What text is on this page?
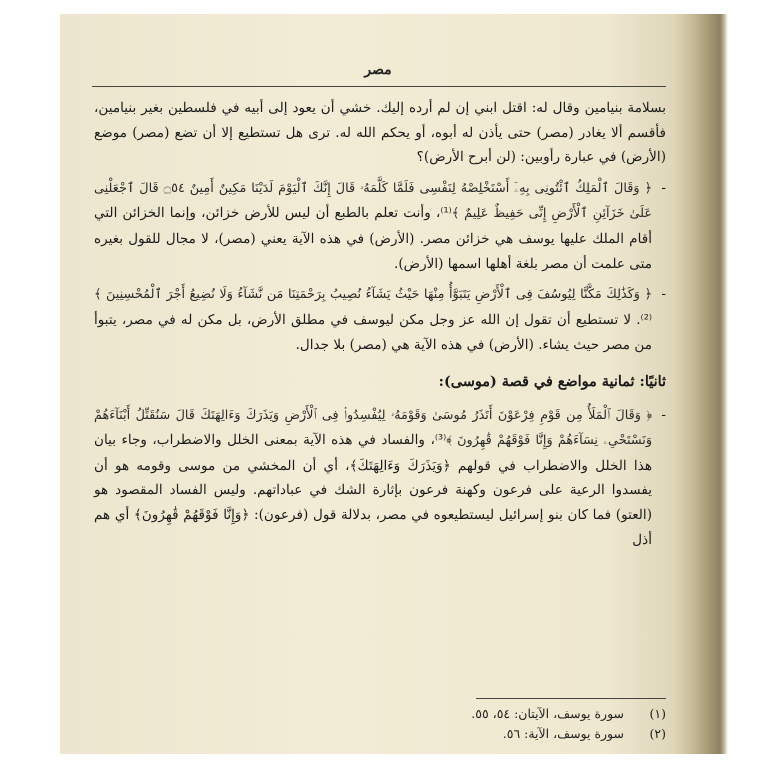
مصر

بسلامة بنيامين وقال له: اقتل ابني إن لم أرده إليك. خشي أن يعود إلى أبيه في فلسطين بغير بنيامين، فأقسم ألا يغادر (مصر) حتى يأذن له أبوه، أو يحكم الله له. ترى هل تستطيع إلا أن تضع (مصر) موضع (الأرض) في عبارة رأوبين: (لن أبرح الأرض)؟

-
﴿ وَقَالَ ٱلْمَلِكُ ٱئْتُونِى بِهِۦٓ أَسْتَخْلِصْهُ لِنَفْسِى فَلَمَّا كَلَّمَهُۥ قَالَ إِنَّكَ ٱلْيَوْمَ لَدَيْنَا مَكِينٌ أَمِينٌ ۝٥٤ قَالَ ٱجْعَلْنِى عَلَىٰ خَزَآئِنِ ٱلْأَرْضِ إِنِّى حَفِيظٌ عَلِيمٌ ﴾⁽¹⁾، وأنت تعلم بالطبع أن ليس للأرض خزائن، وإنما الخزائن التي أقام الملك عليها يوسف هي خزائن مصر. (الأرض) في هذه الآية يعني (مصر)، لا مجال للقول بغيره متى علمت أن مصر بلغة أهلها اسمها (الأرض).

-
﴿ وَكَذَٰلِكَ مَكَّنَّا لِيُوسُفَ فِى ٱلْأَرْضِ يَتَبَوَّأُ مِنْهَا حَيْثُ يَشَآءُ نُصِيبُ بِرَحْمَتِنَا مَن نَّشَآءُ وَلَا نُضِيعُ أَجْرَ ٱلْمُحْسِنِينَ ﴾⁽²⁾. لا تستطيع أن تقول إن الله عز وجل مكن ليوسف في مطلق الأرض، بل مكن له في مصر، يتبوأ من مصر حيث يشاء. (الأرض) في هذه الآية هي (مصر) بلا جدال.

ثانيًا: ثمانية مواضع في قصة (موسى):

-
﴿ وَقَالَ ٱلْمَلَأُ مِن قَوْمِ فِرْعَوْنَ أَتَذَرُ مُوسَىٰ وَقَوْمَهُۥ لِيُفْسِدُوا۟ فِى ٱلْأَرْضِ وَيَذَرَكَ وَءَالِهَتَكَ قَالَ سَنُقَتِّلُ أَبْنَآءَهُمْ وَنَسْتَحْىِۦ نِسَآءَهُمْ وَإِنَّا فَوْقَهُمْ قَٰهِرُونَ ﴾⁽³⁾، والفساد في هذه الآية بمعنى الخلل والاضطراب، وجاء بيان هذا الخلل والاضطراب في قولهم ﴿وَيَذَرَكَ وَءَالِهَتَكَ﴾، أي أن المخشي من موسى وقومه هو أن يفسدوا الرعية على فرعون وكهنة فرعون بإثارة الشك في عباداتهم. وليس الفساد المقصود هو (العتو) فما كان بنو إسرائيل ليستطيعوه في مصر، بدلالة قول (فرعون): ﴿وَإِنَّا فَوْقَهُمْ قَٰهِرُونَ﴾ أي هم أذل

(١)
سورة يوسف، الآيتان: ٥٤، ٥٥.
(٢)
سورة يوسف، الآية: ٥٦.
